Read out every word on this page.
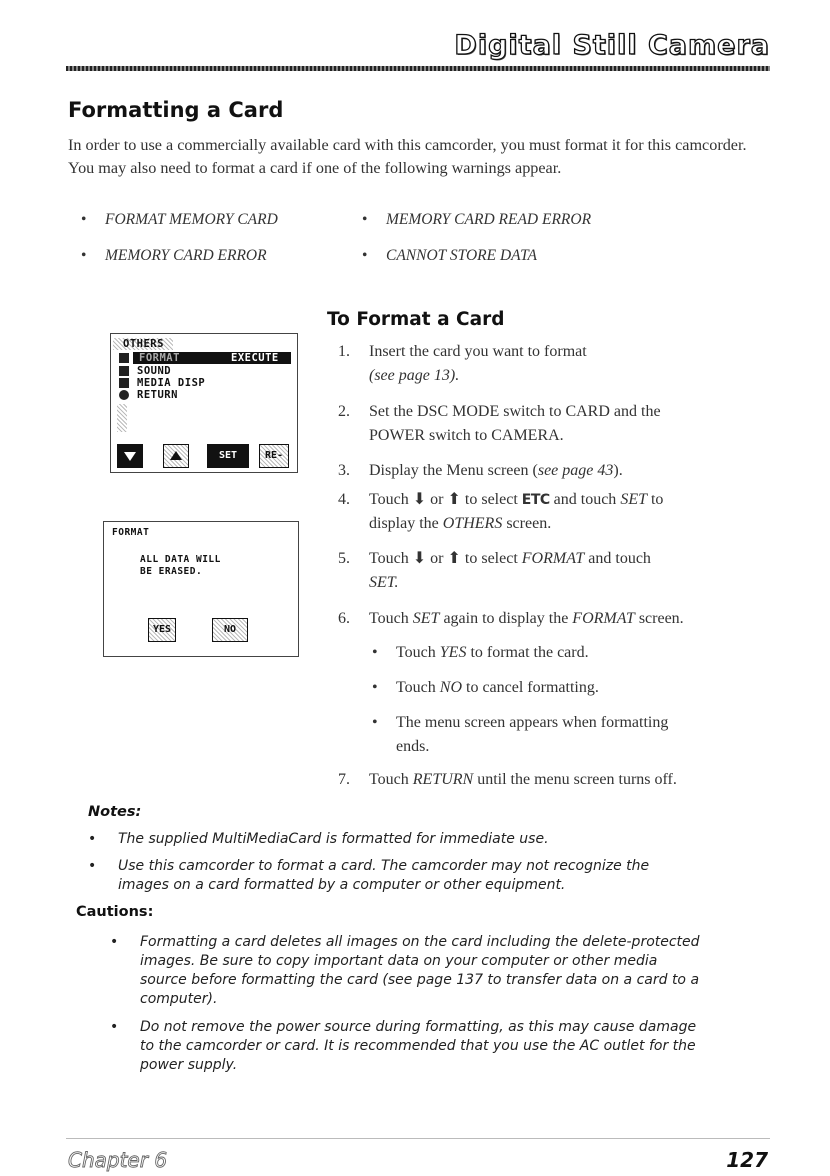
Digital Still Camera
Formatting a Card

In order to use a commercially available card with this camcorder, you must format it for this camcorder. You may also need to format a card if one of the following warnings appear.

• FORMAT MEMORY CARD	• MEMORY CARD READ ERROR
• MEMORY CARD ERROR	• CANNOT STORE DATA
OTHERS
FORMAT	EXECUTE
SOUND
MEDIA DISP
RETURN
SET	RE-
FORMAT
ALL DATA WILL
BE ERASED.
YES	NO
To Format a Card
1. Insert the card you want to format
(see page 13).
2. Set the DSC MODE switch to CARD and the
POWER switch to CAMERA.
3. Display the Menu screen (see page 43).
4. Touch ⬇ or ⬆ to select ETC and touch SET to
display the OTHERS screen.
5. Touch ⬇ or ⬆ to select FORMAT and touch
SET.
6. Touch SET again to display the FORMAT screen.
• Touch YES to format the card.
• Touch NO to cancel formatting.
• The menu screen appears when formatting
ends.
7. Touch RETURN until the menu screen turns off.
Notes:
• The supplied MultiMediaCard is formatted for immediate use.
• Use this camcorder to format a card. The camcorder may not recognize the
images on a card formatted by a computer or other equipment.
Cautions:
• Formatting a card deletes all images on the card including the delete-protected
images. Be sure to copy important data on your computer or other media
source before formatting the card (see page 137 to transfer data on a card to a
computer).
• Do not remove the power source during formatting, as this may cause damage
to the camcorder or card. It is recommended that you use the AC outlet for the
power supply.
Chapter 6	127
